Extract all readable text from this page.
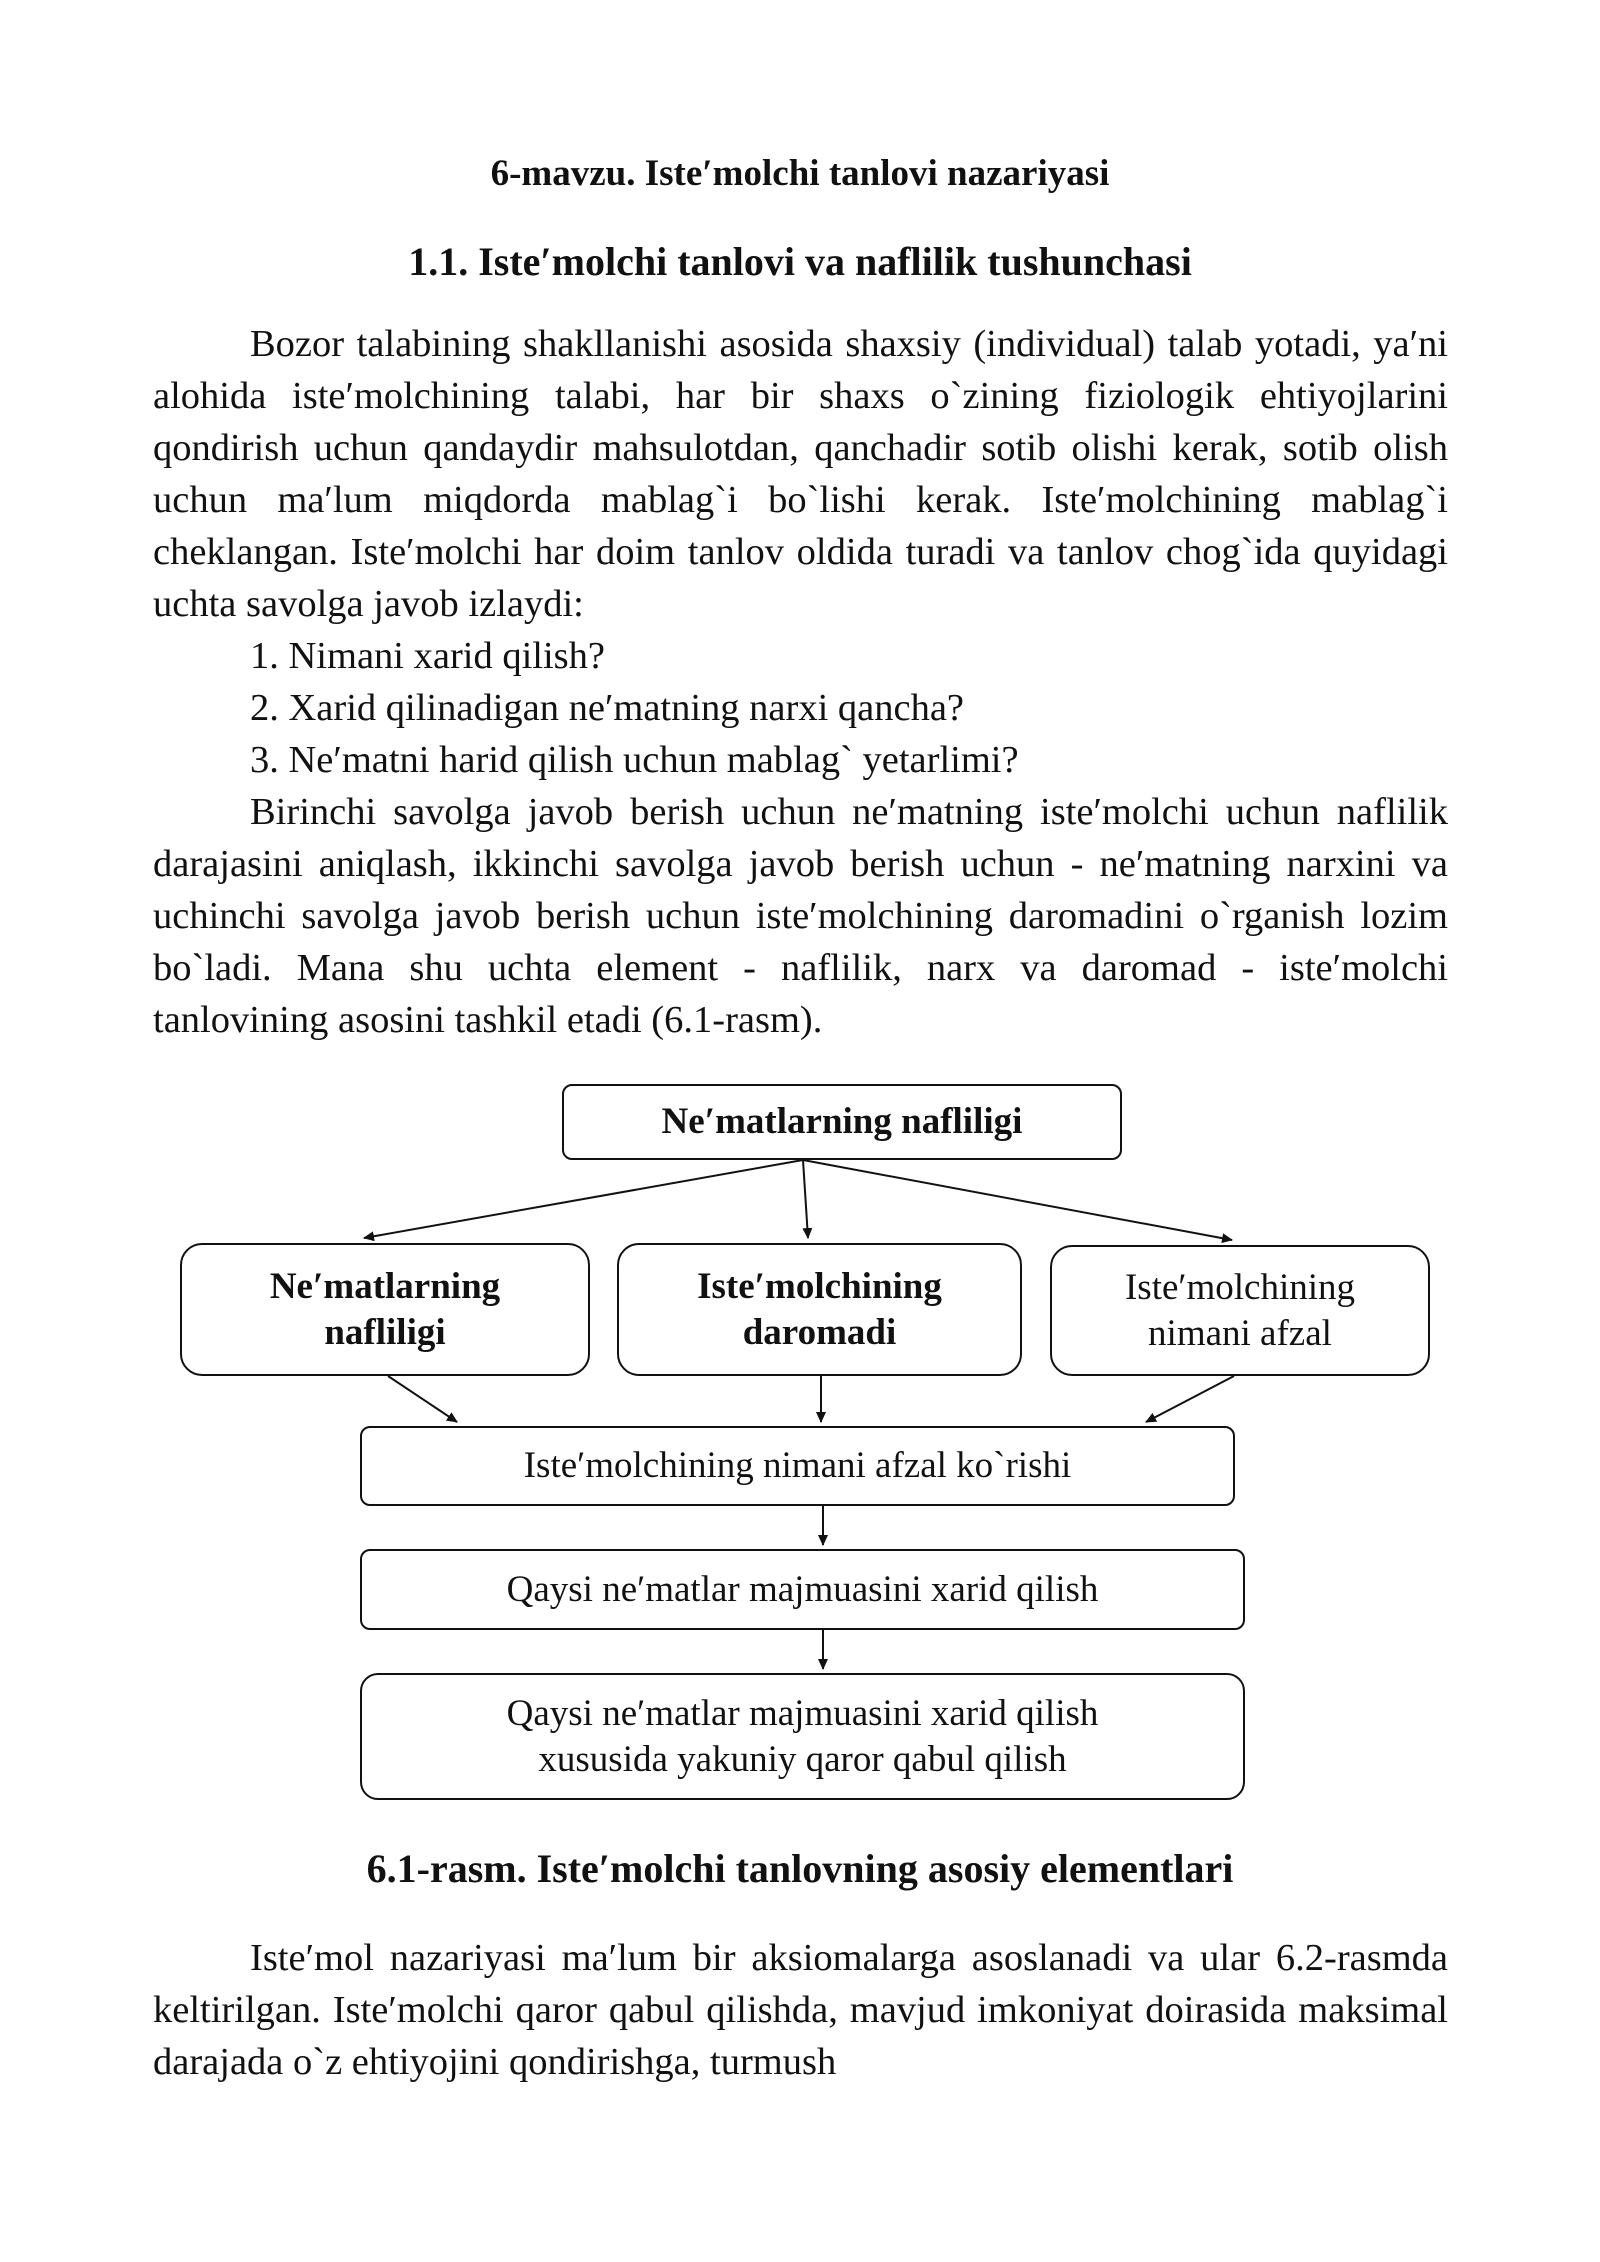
6-mavzu. Iste′molchi tanlovi nazariyasi
1.1. Iste′molchi tanlovi va naflilik tushunchasi

Bozor talabining shakllanishi asosida shaxsiy (individual) talab yotadi, ya′ni alohida iste′molchining talabi, har bir shaxs o`zining fiziologik ehtiyojlarini qondirish uchun qandaydir mahsulotdan, qanchadir sotib olishi kerak, sotib olish uchun ma′lum miqdorda mablag`i bo`lishi kerak. Iste′molchining mablag`i cheklangan. Iste′molchi har doim tanlov oldida turadi va tanlov chog`ida quyidagi uchta savolga javob izlaydi:

1. Nimani xarid qilish?
2. Xarid qilinadigan ne′matning narxi qancha?
3. Ne′matni harid qilish uchun mablag` yetarlimi?

Birinchi savolga javob berish uchun ne′matning iste′molchi uchun naflilik darajasini aniqlash, ikkinchi savolga javob berish uchun - ne′matning narxini va uchinchi savolga javob berish uchun iste′molchining daromadini o`rganish lozim bo`ladi. Mana shu uchta element - naflilik, narx va daromad - iste′molchi tanlovining asosini tashkil etadi (6.1-rasm).

Ne′matlarning nafliligi
Ne′matlarning
nafliligi
Iste′molchining
daromadi
Iste′molchining
nimani afzal
Iste′molchining nimani afzal ko`rishi
Qaysi ne′matlar majmuasini xarid qilish
Qaysi ne′matlar majmuasini xarid qilish
xususida yakuniy qaror qabul qilish
6.1-rasm. Iste′molchi tanlovning asosiy elementlari

Iste′mol nazariyasi ma′lum bir aksiomalarga asoslanadi va ular 6.2-rasmda keltirilgan. Iste′molchi qaror qabul qilishda, mavjud imkoniyat doirasida maksimal darajada o`z ehtiyojini qondirishga, turmush
